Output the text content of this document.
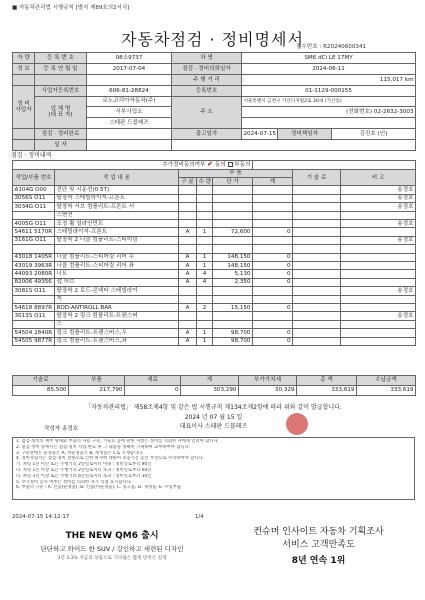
■ 자동차관리법 시행규칙 [별지 제89호의2서식]
자동차점검 · 정비명세서
접수번호 : R20240600341
자 량	등 록 번 호	08소9737	차 명	SM6 dCi LE 17MY		
정 보	등 록 연 월 일	2017-07-04	점검 · 정비의뢰일자	2024-06-11		
			주 행 거 리	115,017 km		

정 비
사업자	사업자등록번호	606-81-28824	등록번호	01-1129-000155		

	업 체 명
(대 표 자)	르노코리아자동차(주)	주 소	서울특별시 금천구 가산디지털2로 30-0 (가산동)		
		서부사업소		(전화번호) 02-2632-3003		
		스테판 드블레즈				

	점검 · 정비완료		출고일자	2024-07-15	정비책임자	김진호 (인)
	일 자					
점검 · 정비내역
추가정비동의여부 ✔ 동의 부동의							
작업/부품 번호	작 업 내 용	부 품				기 술 료	비 고
		구 분	수 량	단 가	계		
A104G O00	진단 및 시운전(0.5T)						송정호
3056S O11	탈장착 스테빌라이저-프론트						송정호
3034G O11	탈장착 서브 컴플리트-프론트 서						송정호
	스펜션						
4005G O11	조정 휠 얼라인먼트						송정호
54611 5170R	스테빌라이저-프론트	A	1	72,600	0		
3161G O11	탈장착 2 너클 컴플리트-스티어링						송정호

43018 1405R	너클 컴플리트-스티어링 리어 우	A	1	148,150	0		
43019 3963R	너클 컴플리트-스티어링 리어 좌	A	1	148,150	0		
44093 2080R	너트	A	4	5,130	0		
82006 49356	캡 허브	A	4	2,350	0		
3081S O11	탈장착 2 로드-콘넥터 스테빌라이						송정호
	저						
54618 8897R	ROD-ANTIROLL BAR	A	2	15,150	0		
3013S O11	탈장착 2 링크 컴플리트-트랜스버						송정호
	스						
54504 2840R	링크 컴플리트-트랜스버스,우	A	1	98,700	0		
54505 9877R	링크 컴플리트-트랜스버스,좌	A	1	98,700	0		
기술료	부품	재료	계	부가가치세	총 액	수납금액
85,500	217,790	0	303,290	30,329	333,619	333,619
「자동차관리법」 제58조제4항 및 같은 법 시행규칙 제134조제2항에 따라 위와 같이 발급합니다.
2024 년 07 월 15 일
대표이사 스테판 드블레즈
작성자 송정호
1. 점검·정비의 세부 명세와 부품의 사용 구분, 기술료 등에 관한 사항은 정비를 의뢰한 자에게 알려야 합니다.
2. 점검·정비 명세서는 점검·정비 작업 완료 후 그 내용을 정확히 기재하여 교부하여야 합니다.
3. 구분란에는 순정품은 A, 비순정품은 B, 재생품은 C로 기재합니다.
4. 정비사업자는 점검·정비 잘못으로 인한 하자에 대하여 보증기간 동안 무상으로 수리하여야 합니다.
가. 차령 1년 미만 또는 주행거리 2만킬로미터 이내 : 정비일로부터 90일
나. 차령 1년 이상 또는 주행거리 2만킬로미터 초과 : 정비일로부터 60일
다. 차령 3년 이상 또는 주행거리 6만킬로미터 초과 : 정비일로부터 30일
5. 추가정비 동의 여부는 정비를 의뢰한 자가 직접 표시합니다.
6. 부품의 구분 : A. 신품(순정품), B. 신품(비순정품), C. 중고품, D. 재생품, E. 수입부품
2024-07-15 14:12:17	1/4
THE NEW QM6 출시
단단하고 와이드 한 SUV / 강인하고 세련된 디자인
3년 3.3% 저금리 상품으로 기다림은 짧게 만족은 길게
컨슈머 인사이트 자동차 기획조사
서비스 고객만족도
8년 연속 1위
